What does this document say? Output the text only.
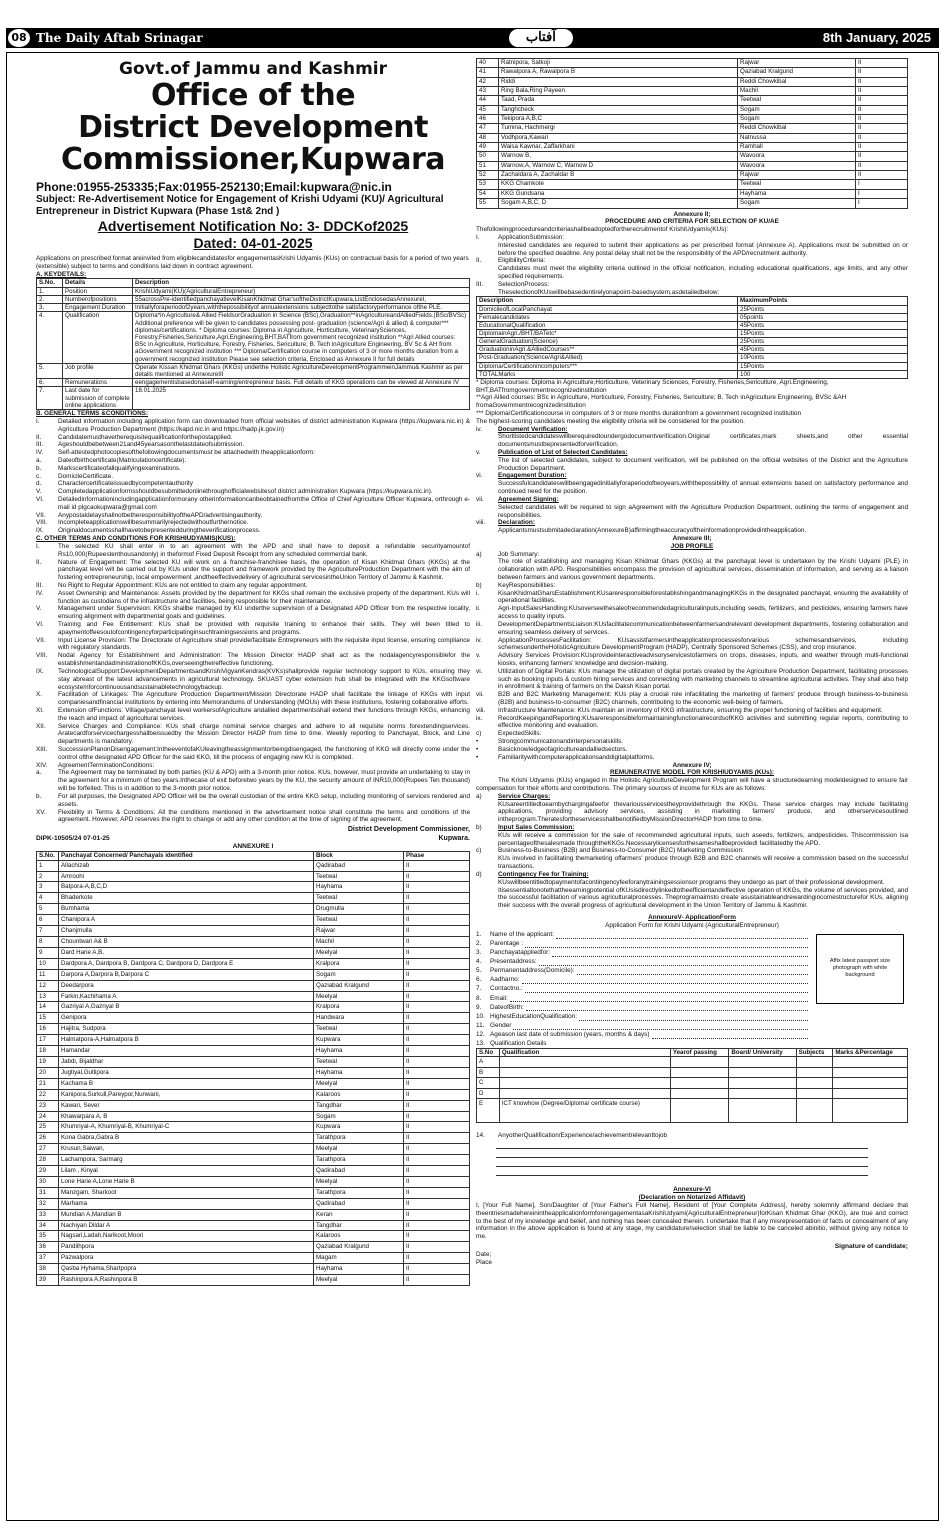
08 The Daily Aftab Srinagar	آفتاب	8th January, 2025
Govt.of Jammu and Kashmir
Office of the
District Development
Commissioner,Kupwara
Phone:01955-253335;Fax:01955-252130;Email:kupwara@nic.in
Subject: Re-Advertisement Notice for Engagement of Krishi Udyami (KU)/ Agricultural Entrepreneur in District Kupwara (Phase 1st& 2nd )
Advertisement Notification No: 3- DDCKof2025
Dated: 04-01-2025
Applications on prescribed format areinvited from eligiblecandidatesfor engagementasKrishi Udyamis (KUs) on contractual basis for a period of two years (extensible) subject to terms and conditions laid down in contract agreement.
A. KEYDETAILS:
S.No.	Details	Description
1.	Position	KrishiUdyami(KU)(AgriculturalEntrepreneur)
2.	Numberofpositions	55acrossPre-identifiedpanchayatlevelKisanKhidmat Ghar'softheDistrictKupwara,ListEnclosedasAnnexureI,
3.	Engagement Duration	Initiallyforaperiodof2years,withthepossibilityof annualextensions subjecttothe satisfactoryperformance ofthe PLE.
4.	Qualification	Diploma*in Agriculture& Allied FieldsorGraduation in Science (BSc),Graduation**inAgricultureandAlliedFields.(BSc/BVSc) Additional preference will be given to candidates possessing post- graduation (science/Agri & allied) & computer*** diplomas/certifications. * Diploma courses: Diploma in Agriculture, Horticulture, VeterinarySciences, Forestry,Fisheries,Sericulture,Agri.Engineering,BHT,BATfrom government recognized institution **Agri Allied courses: BSc in Agriculture, Horticulture, Forestry, Fisheries, Sericulture; B. Tech inAgriculture Engineering, BV Sc & AH from aGovernment recognized institution *** Diploma/Certification course in computers of 3 or more months duration from a government recognized institution Please see selection criteria, Enclosed as Annexure II for full details
5.	Job profile	Operate Kissan Khidmat Ghars (KKGs) underthe Holistic AgricultureDevelopmentProgrammeinJammu& Kashmir as per details mentioned at AnnexureIII
6.	Remunerations	eengagementisbasedonaself-earning/entrepreneur basis. Full details of KKG operations can be viewed at Annexure IV
7.	Last date for submission of complete online applications	18.01.2025
B. GENERAL TERMS &CONDITIONS:
I.	Detailed information including application form can downloaded from official websites of district administration Kupwara (https://kupwara.nic.in) & Agriculture Production Department (https://kapd.nic.in and https://hadp.jk.gov.in)
II.	Candidatemusthavetherequisitequalificationforthepostapplied.
III.	Ageshouldbebetween21and45yearsasonthelastdateofsubmission.
IV.	Self-attestedphotocopiesofthefollowingdocumentsmust be attachedwith theapplicationform:
a.	Dateofbirthcertificate(Matriculationcertificate).
b.	Markscertificateofallqualifyingexaminations.
c.	DomicileCertificate.
d.	Charactercertificateissuedbycompetentauthority
V.	Completedapplicationformsshouldbesubmittedonlinethroughofficialwebsitesof district administration Kupwara (https://kupwara.nic.in).
VI.	Detailedinformationincludingapplicationformorany otherinformationcanbeobtainedfromthe Office of Chief Agriculture Officer Kupwara, orthrough e-mail id plgcaokupwara@gmail.com
VII.	AnypostaldelayshallnotbetheresponsibilityoftheAPD/advertisingauthority.
VIII.	Incompleteapplicationswillbesummarilyrejectedwithoutfurthernotice.
IX.	Originaldocumentsshallhavetobepresentedduringtheverificationprocess.
C. OTHER TERMS AND CONDITIONS FOR KRISHIUDYAMIS(KUS):
I.	The selected KU shall enter in to an agreement with the APD and shall have to deposit a refundable securityamountof Rs10,000(Rupeestenthousandonly) in theformof Fixed Deposit Receipt from any scheduled commercial bank.
II.	Nature of Engagement: The selected KU will work on a franchise-franchisee basis, the operation of Kisan Khidmat Ghars (KKGs) at the panchayat level will be carried out by KUs under the support and framework provided by the AgricultureProduction Department with the aim of fostering entrepreneurship, local empowerment ,andtheeffectivedelivery of agricultural servicesintheUnion Territory of Jammu & Kashmir.
III.	No Right to Regular Appointment: KUs are not entitled to claim any regular appointment.
IV.	Asset Ownership and Maintenance: Assets provided by the department for KKGs shall remain the exclusive property of the department. KUs will function as custodians of the infrastructure and facilities, being responsible for their maintenance.
V.	Management under Supervision: KKGs shallbe managed by KU underthe supervision of a Designated APD Officer from the respective locality, ensuring alignment with departmental goals and guidelines.
VI.	Training and Fee Entitlement: KUs shall be provided with requisite training to enhance their skills. They will been titled to apaymentoffeesoutofcontingencyforparticipatinginsuchtrainingsessions and programs.
VII.	Input License Provision: The Directorate of Agriculture shall provide/facilitate Entrepreneurs with the requisite input license, ensuring compliance with regulatory standards.
VIII.	Nodal Agency for Establishment and Administration: The Mission Director HADP shall act as the nodalagencyresponsiblefor the establishmentandadministrationofKKGs,overseeingtheireffective functioning.
IX.	TechnologicalSupport:DevelopmentDepartmentsandKrishiVigyanKendras(KVKs)shallprovide regular technology support to KUs, ensuring they stay abreast of the latest advancements in agricultural technology. SKUAST cyber extension hub shall be integrated with the KKGsoftware ecosystemforcontinuousandsustainabletechnologybackup.
X.	Facilitation of Linkages: The Agriculture Production Department/Mission Directorate HADP shall facilitate the linkage of KKGs with input companiesandfinancial institutions by entering into Memorandums of Understanding (MOUs) with these institutions, fostering collaborative efforts.
XI.	Extension ofFunctions: Village/panchayat level workersofAgriculture andallied departmentsshall extend their functions through KKGs, enhancing the reach and impact of agricultural services.
XII.	Service Charges and Compliance: KUs shall charge nominal service charges and adhere to all requisite norms forextendingservices. Aratecardforservicechargesshallbeissuedby the Mission Director HADP from time to time. Weekly reporting to Panchayat, Block, and Line departments is mandatory.
XIII.	SuccessionPlanonDisengagement:IntheeventofaKUleavingtheassignmentorbeingdisengaged, the functioning of KKG will directly come under the control ofthe designated APD Officer for the said KKG, till the process of engaging new KU is completed.
XIV.	AgreementTerminationConditions:
a.	The Agreement may be terminated by both parties (KU & APD) with a 3-month prior notice. KUs, however, must provide an undertaking to stay in the agreement for a minimum of two years.Inthecase of exit beforetwo years by the KU, the security amount of INR10,000(Rupees Ten thousand) will be forfeited. This is in addition to the 3-month prior notice.
b.	For all purposes, the Designated APD Officer will be the overall custodian of the entire KKG setup, including monitoring of services rendered and assets.
XV.	Flexibility in Terms & Conditions: All the conditions mentioned in the advertisement notice shall constitute the terms and conditions of the agreement. However, APD reserves the right to change or add any other condition at the time of signing of the agreement.
District Development Commissioner,
DIPK-10505/24 07-01-25	Kupwara.
ANNEXURE I
S.No.	Panchayat Concerned/ Panchayals identified	Block	Phase
1	Allachizab	Qadirabad	II
2	Amroohi	Teetwal	II
3	Batpora-A,B,C,D	Hayhama	II
4	Bhaderkote	Teetwal	II
5	Bumhama	Drugmulla	II
6	Chanipora A	Teetwal	II
7	Chanjmulla	Rajwar	II
8	Chountwari A& B	Machil	II
9	Dard Harie A,B,	Meelyal	II
10	Dardpora A, Dardpora B, Dardpora C, Dardpora D, Dardpora E	Kralpora	II
11	Darpora A,Darpora B,Darpora C	Sogam	II
12	Deedarpora	Qaziabad Kralgund	II
13	Farkin,Kachihama A	Meelyal	II
14	Gazriyal A,Gazriyal B	Kralpora	II
15	Genipora	Handwara	II
16	Hajitra, Sudpora	Teetwal	II
17	Halmatpora-A,Halmatpora B	Kupwara	II
18	Hamandar	Hayhama	II
19	Jabdi, Bijaldhar	Teetwal	II
20	Jugtiyal,Gutlipora	Hayhama	II
21	Kachama B	Meelyal	II
22	Kanipora,Surkull,Pareypor,Nunwani,	Kalaroos	II
23	Kawari, Sever	Tangdhar	II
24	Khawarpara A, B	Sogam	II
25	Khumriyal-A, Khumriyal-B, Khumriyal-C	Kupwara	II
26	Kona Gabra,Gabra B	Tarathpora	II
27	Krusun,Saiwan,	Meelyal	II
28	Lachampora, Sarmarg	Tarathpora	II
29	Lilam , Kinyal	Qadirabad	II
30	Lone Harie A,Lone Harie B	Meelyal	II
31	Manzgam, Sharkoot	Tarathpora	II
32	Marhama	Qadirabad	II
33	Mundian A,Mandian B	Keran	II
34	Nachiyan Dildar A	Tangdhar	II
35	Nagsari,Ladah,Narikoot,Moori	Kalaroos	II
36	Pandilhpora	Qaziabad Kralgund	II
37	Pazwalpora	Magam	II
38	Qasba Hyhama,Shartpopra	Hayhama	II
39	Rashinpora A,Rashinpora B	Meelyal	II
40	Ratnipora, Satkoji	Rajwar	II
41	Rawalpora A, Rawalpora B	Qaziabad Kralgund	II
42	Riddi	Reddi Chowkibal	II
43	Ring Bala,Ring Payeen	Machil	II
44	Taad, Prada	Teetwal	II
45	Tanghcheck	Sogam	II
46	Tekipora A,B,C	Sogam	II
47	Tumina, Hachmergi	Reddi Chowkibal	II
48	Vodhpora,Kawari	Natnussa	II
49	Waisa Kawnar, Zaffarkhani	Ramhall	II
50	Warnow B,	Wavoora	II
51	Warnow,A, Warnow C, Warnow D	Wavoora	II
52	Zachaldara A, Zachaldar B	Rajwar	II
53	KKG Chamkote	Teetwal	I
54	KKG Gundsana	Hayhama	I
55	Sogam A,B,C, D	Sogam	I
Annexure II;
PROCEDURE AND CRITERIA FOR SELECTION OF KU/AE
Thefollowingprocedureandcriteriashallbeadoptedfortherecruitmentof KrishiUdyamis(KUs):
I.	ApplicationSubmission:
Interested candidates are required to submit their applications as per prescribed format (Annexure A). Applications must be submitted on or before the specified deadline. Any postal delay shall not be the responsibility of the APD/recruitment authority.
II.	EligibilityCriteria:
Candidates must meet the eligibility criteria outlined in the official notification, including educational qualifications, age limits, and any other specified requirements.
III.	SelectionProcess:
TheselectionofKUswillbebasedentirelyonapoint-basedsystem,asdetailedbelow:
Description	MaximumPoints
DomicileofLocalPanchayat	25Points
Femalecandidates	05points
EducationalQualification	45Points
DiplomainAgri./BHT/BATetc*	15Points
GeneralGraduation(Science)	25Points
GraduationinAgri.&AlliedCourses**	45Points
Post-Graduation(Science/Agri&Allied)	10Points
Diploma/Certificationincomputers***	15Points
TOTALMarks	100
* Diploma courses: Diploma in Agriculture,Horticulture, Veterinary Sciences, Forestry, Fisheries,Sericulture, Agri.Engineering, BHT,BATfromgovernmentrecognizedinstitution
**Agri Allied courses: BSc in Agriculture, Horticulture, Forestry, Fisheries, Sericulture; B. Tech inAgriculture Engineering, BVSc &AH fromaGovernmentrecognizedinstitution
*** Diploma/Certificationcourse in computers of 3 or more months durationfrom a government recognized institution
The highest-scoring candidates meeting the eligibility criteria will be considered for the position.
iv.	Document Verification:
Shortlistedcandidateswillberequiredtoundergodocumentverification.Original certificates,mark sheets,and other essential documentsmustbepresentedforverification.
v.	Publication of List of Selected Candidates:
The list of selected candidates, subject to document verification, will be published on the official websites of the District and the Agriculture Production Department.
vi.	Engagement Duration:
Successfulcandidateswillbeengagedinitiallyforaperiodoftwoyears,withthepossibility of annual extensions based on satisfactory performance and continued need for the position.
vii.	Agreement Signing:
Selected candidates will be required to sign aAgreement with the Agriculture Production Department, outlining the terms of engagement and responsibilities.
viii.	Declaration:
Applicantsmustsubmitadeclaration(AnnexureB)affirmingtheaccuracyoftheinformationprovidedintheapplication.
Annexure III;
JOB PROFILE
a)	Job Summary:
The role of establishing and managing Kisan Khidmat Ghars (KKGs) at the panchayat level is undertaken by the Krishi Udyami (PLE) in collaboration with APD. Responsibilities encompass the provision of agricultural services, dissemination of information, and serving as a liaison between farmers and various government departments.
b)	KeyResponsibilities:
i.	KisanKhidmatGharsEstablishment:KUsareresponsibleforestablishingandmanagingKKGs in the designated panchayat, ensuring the availability of operational facilities.
ii.	Agri-InputSalesHandling:KUsoverseethesaleofrecommendedagriculturalinputs,including seeds, fertilizers, and pesticides, ensuring farmers have access to quality inputs.
iii.	DevelopmentDepartmentsLiaison:KUsfacilitatecommunicationbetweenfarmersandrelevant development departments, fostering collaboration and ensuring seamless delivery of services.
iv.	ApplicationProcessesFacilitation: KUsassistfarmersintheapplicationprocessesforvarious schemesandservices, including schemesundertheHolisticAgriculture DevelopmentProgram (HADP), Centrally Sponsored Schemes (CSS), and crop insurance.
v.	Advisory Services Provision:KUsprovideinteractiveadvisoryservicestofarmers on crops, diseases, inputs, and weather through multi-functional kiosks, enhancing farmers' knowledge and decision-making.
vi.	Utilization of Digital Portals: KUs manage the utilization of digital portals created by the Agriculture Production Department, facilitating processes such as booking inputs & custom hiring services and connecting with marketing channels to streamline agricultural activities. They shall also help in enrollment & training of farmers on the Daksh Kisan portal.
vii.	B2B and B2C Marketing Management: KUs play a crucial role infacilitating the marketing of farmers' produce through business-to-business (B2B) and business-to-consumer (B2C) channels, contributing to the economic well-being of farmers.
viii.	Infrastructure Maintenance: KUs maintain an inventory of KKG infrastructure, ensuring the proper functioning of facilities and equipment.
ix.	RecordKeepingandReporting:KUsareresponsibleformaintainingfunctionalrecordsofKKG activities and submitting regular reports, contributing to effective monitoring and evaluation.
c)	ExpectedSkills:
•	Strongcommunicationandinterpersonalskills.
•	Basicknowledgeofagricultureandalliedsectors.
•	Familiaritywithcomputerapplicationsanddigitalplatforms.
Annexure IV;
REMUNERATIVE MODEL FOR KRISHIUDYAMIS (KUs):
The Krishi Udyamis (KUs) engaged in the Holistic AgricultureDevelopment Program will have a structuredearning modeldesigned to ensure fair compensation for their efforts and contributions. The primary sources of income for KUs are as follows:
a)	Service Charges:
KUsareentitledtoearnbychargingafeefor thevariousservicestheyprovidethrough the KKGs. These service charges may include facilitating applications, providing advisory services, assisting in marketing farmers' produce, and otherservicesoutlined intheprogram.TheratesfortheservicesshallbenotifiedbyMissionDirectorHADP from time to time.
b)	Input Sales Commission:
KUs will receive a commission for the sale of recommended agricultural inputs, such aseeds, fertilizers, andpesticides. Thiscommission isa percentageofthesalesmade throughtheKKGs.NecessarylicensesforthesameshallbeprovidedI facilitatedby the APD.
c)	Business-to-Business (B2B) and Business-to-Consumer (B2C) Marketing Commission:
KUs involved in facilitating themarketing offarmers' produce through B2B and B2C channels will receive a commission based on the successful transactions.
d)	Contingency Fee for Training:
KUswillbeentitledtopaymentofacontingencyfeeforanytrainingsessionsor programs they undergo as part of their professional development.
Itisessentialtonotethattheearningpotential ofKUsisdirectlylinkedtotheefficientandeffective operation of KKGs, the volume of services provided, and the successful facilitation of various agriculturalprocesses. Theprogramaimsto create asustainableandrewardingincomestructurefor KUs, aligning their success with the overall progress of agricultural development in the Union Territory of Jammu & Kashmir.
AnnexureV- ApplicationForm
Application Form for Krishi Udyami (AgriculturalEntrepreneur)
Affix latest passport size photograph with white background
1.	Name of the applicant:
2.	Parentage :
3.	Panchayatappliedfor:
4.	Presentaddress:
5.	Permanentaddress(Domicile):
6.	Aadharno:
7.	Contactno.:
8.	Email:
9.	DateofBirth:
10. HighestEducationQualification:
11. Gender
12. Ageason last date of submission (years, months & days)
13. Qualification Details
S.No	Qualification	Yearof passing	Board/ University	Subjects	Marks &Percentage
A					
B					
C					
D					
E	ICT knowhow (Degree/Diploma/ certificate course)				
14.	AnyotherQualification/Experience/achievementrelevanttojob
Annexure-VI
(Declaration on Notarized Affidavit)
I, [Your Full Name], Son/Daughter of [Your Father's Full Name], Resident of [Your Complete Address], hereby solemnly affirmand declare that theentriesmadehereinintheapplicationformforengagementasaKrishiUdyami(AgriculturalEntrepreneur)forKisan Khidmat Ghar (KKG), are true and correct to the best of my knowledge and belief, and nothing has been concealed therein. I undertake that if any misrepresentation of facts or concealment of any information in the above application is found at any stage, my candidature/selection shall be liable to be canceled abinitio, without giving any notice to me.
Signature of candidate;
Date;
Place
